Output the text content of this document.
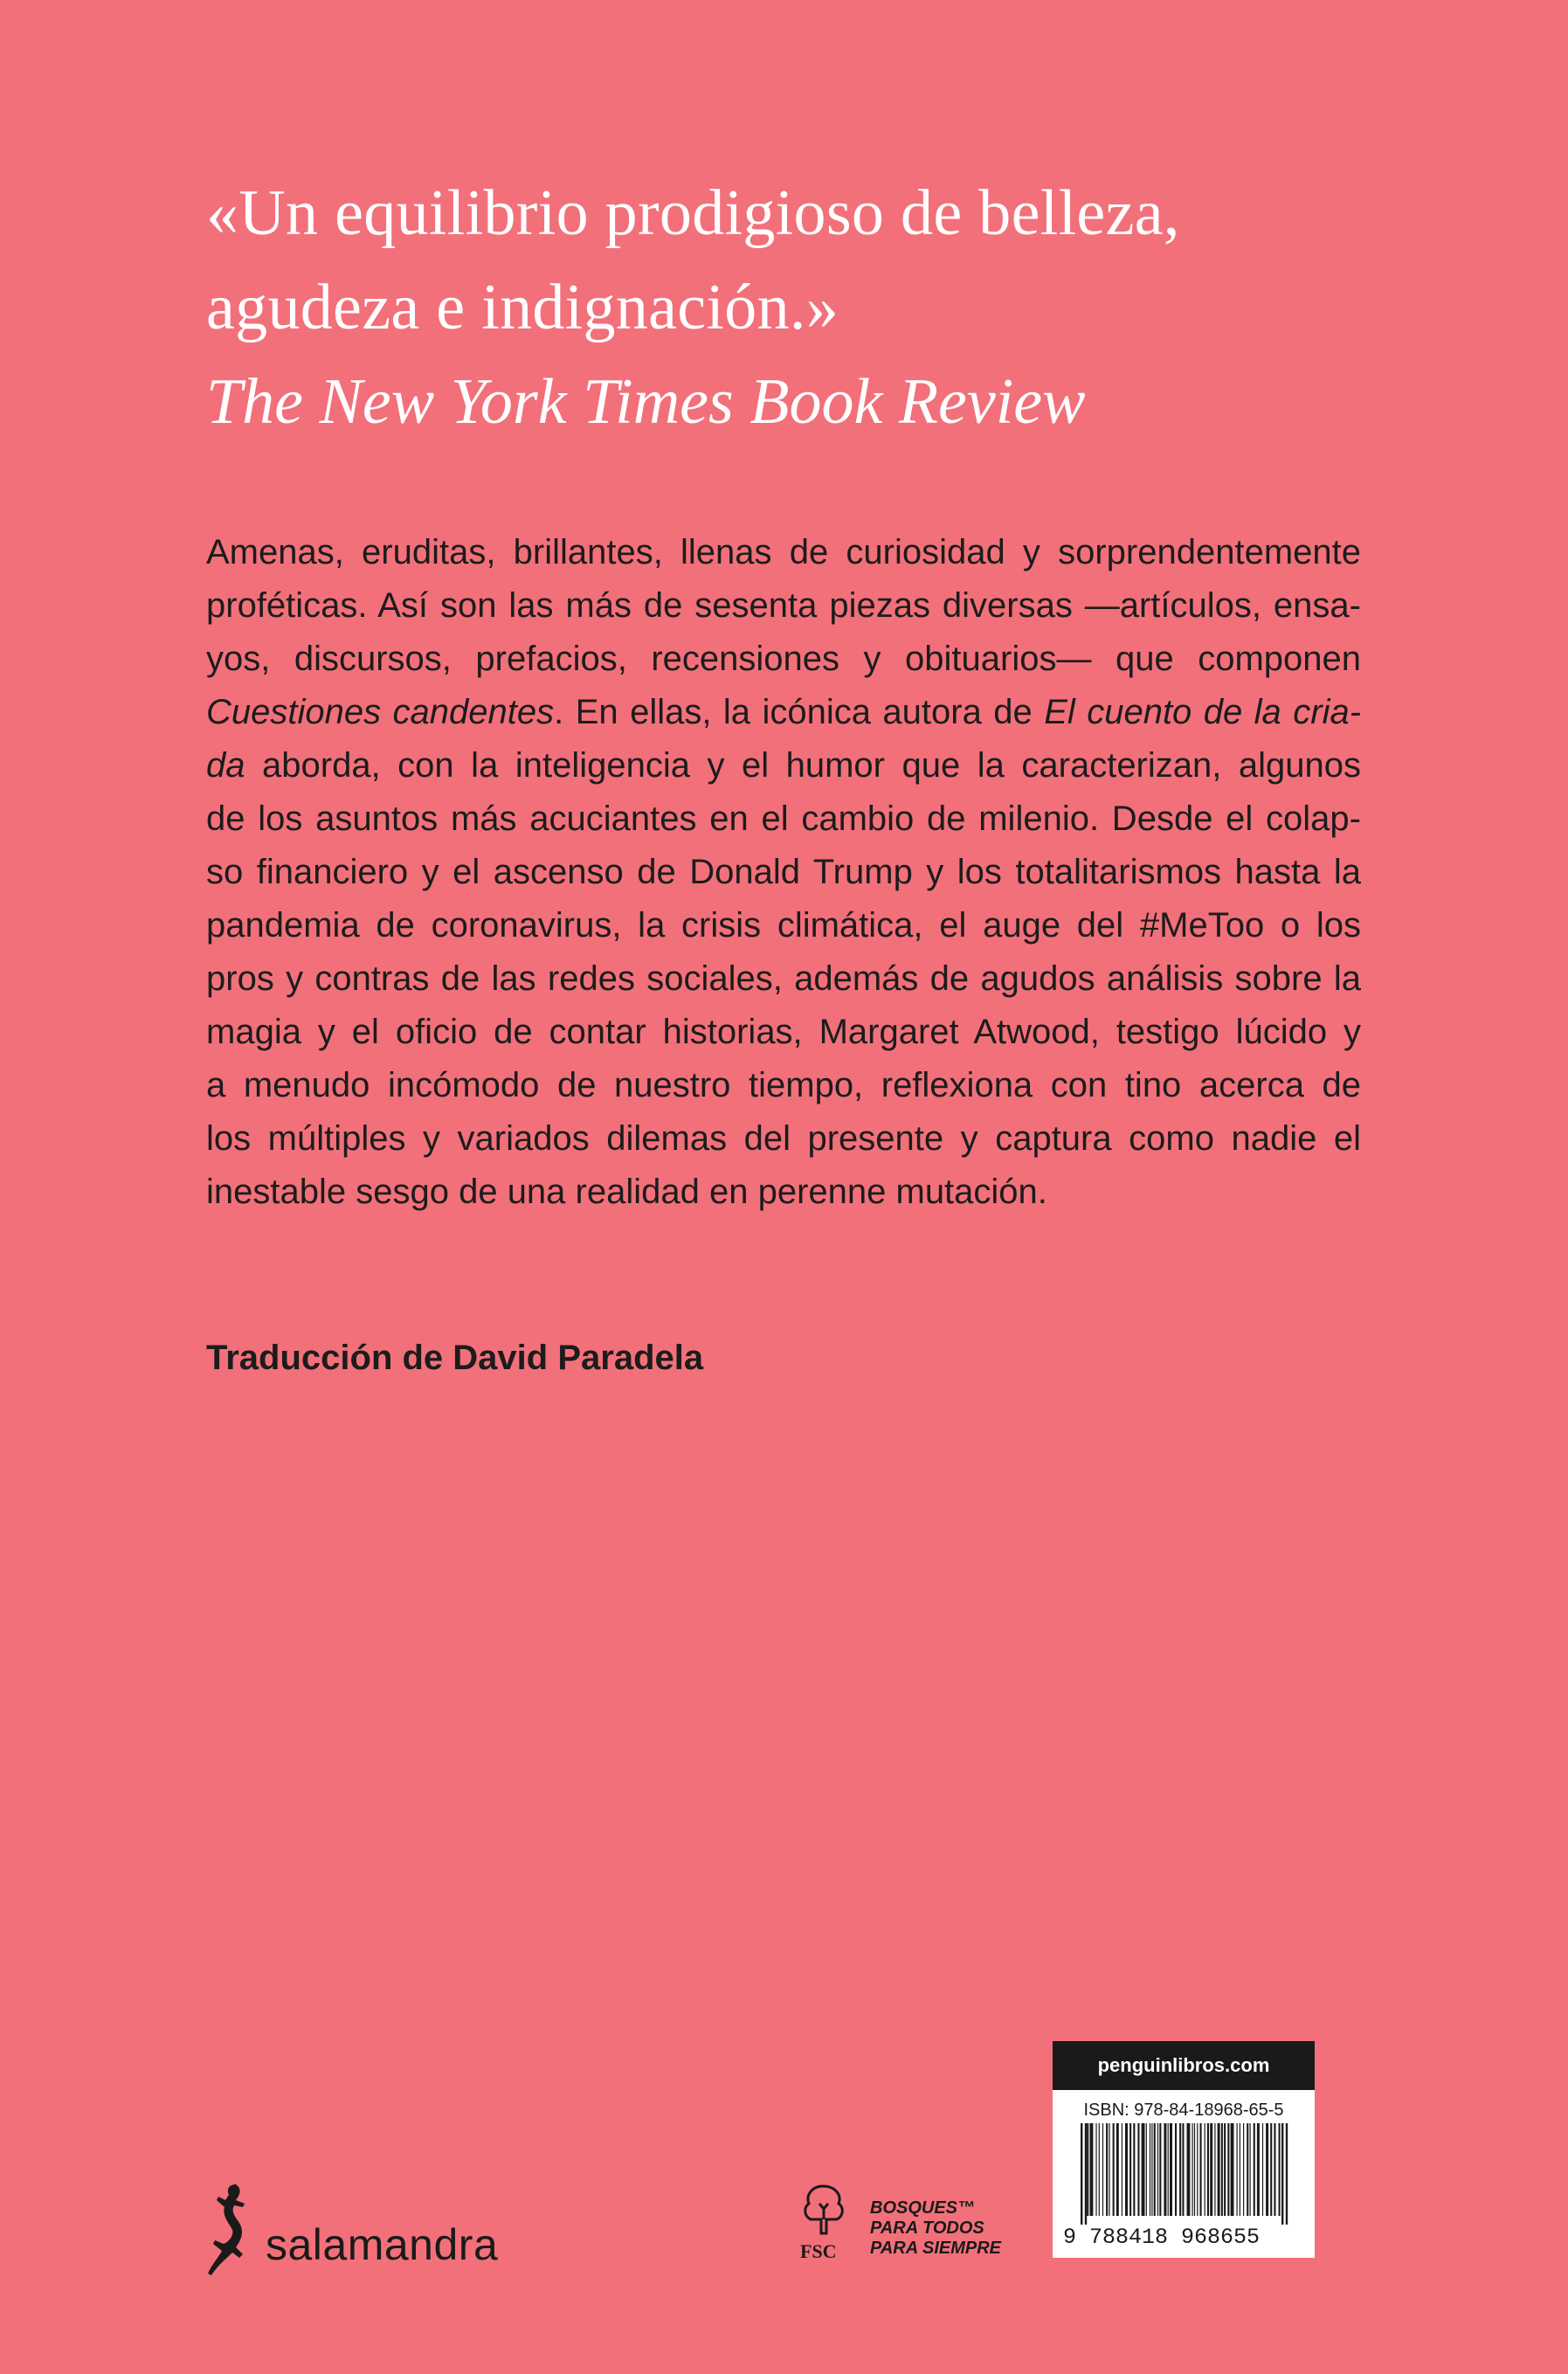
«Un equilibrio prodigioso de belleza,
agudeza e indignación.»
The New York Times Book Review
Amenas, eruditas, brillantes, llenas de curiosidad y sorprendentemente
proféticas. Así son las más de sesenta piezas diversas —artículos, ensa-
yos, discursos, prefacios, recensiones y obituarios— que componen
Cuestiones candentes. En ellas, la icónica autora de El cuento de la cria-
da aborda, con la inteligencia y el humor que la caracterizan, algunos
de los asuntos más acuciantes en el cambio de milenio. Desde el colap-
so financiero y el ascenso de Donald Trump y los totalitarismos hasta la
pandemia de coronavirus, la crisis climática, el auge del #MeToo o los
pros y contras de las redes sociales, además de agudos análisis sobre la
magia y el oficio de contar historias, Margaret Atwood, testigo lúcido y
a menudo incómodo de nuestro tiempo, reflexiona con tino acerca de
los múltiples y variados dilemas del presente y captura como nadie el
inestable sesgo de una realidad en perenne mutación.
Traducción de David Paradela
salamandra	FSC
BOSQUES™
PARA TODOS
PARA SIEMPRE
penguinlibros.com
ISBN: 978-84-18968-65-5
9 788418 968655
